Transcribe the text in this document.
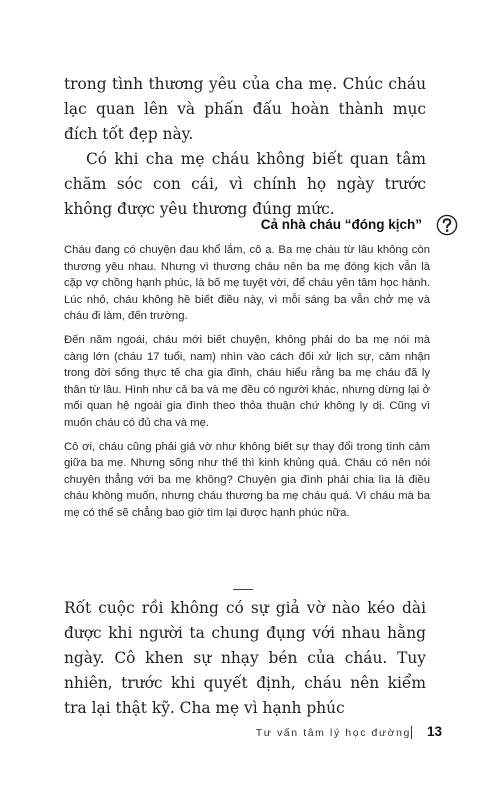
trong tình thương yêu của cha mẹ. Chúc cháu lạc quan lên và phấn đấu hoàn thành mục đích tốt đẹp này.

Có khi cha mẹ cháu không biết quan tâm chăm sóc con cái, vì chính họ ngày trước không được yêu thương đúng mức.

Cả nhà cháu “đóng kịch”

Cháu đang có chuyện đau khổ lắm, cô ạ. Ba mẹ cháu từ lâu không còn thương yêu nhau. Nhưng vì thương cháu nên ba mẹ đóng kịch vẫn là cặp vợ chồng hạnh phúc, là bố mẹ tuyệt vời, để cháu yên tâm học hành. Lúc nhỏ, cháu không hề biết điều này, vì mỗi sáng ba vẫn chở mẹ và cháu đi làm, đến trường.

Đến năm ngoái, cháu mới biết chuyện, không phải do ba mẹ nói mà càng lớn (cháu 17 tuổi, nam) nhìn vào cách đối xử lịch sự, cảm nhận trong đời sống thực tế cha gia đình, cháu hiểu rằng ba mẹ cháu đã ly thân từ lâu. Hình như cả ba và mẹ đều có người khác, nhưng dừng lại ở mối quan hệ ngoài gia đình theo thỏa thuận chứ không ly dị. Cũng vì muốn cháu có đủ cha và mẹ.

Cô ơi, cháu cũng phải giả vờ như không biết sự thay đổi trong tình cảm giữa ba mẹ. Nhưng sống như thế thì kinh khủng quá. Cháu có nên nói chuyện thẳng với ba mẹ không? Chuyện gia đình phải chia lìa là điều cháu không muốn, nhưng cháu thương ba mẹ cháu quá. Vì cháu mà ba mẹ có thể sẽ chẳng bao giờ tìm lại được hạnh phúc nữa.

Rốt cuộc rồi không có sự giả vờ nào kéo dài được khi người ta chung đụng với nhau hằng ngày. Cô khen sự nhạy bén của cháu. Tuy nhiên, trước khi quyết định, cháu nên kiểm tra lại thật kỹ. Cha mẹ vì hạnh phúc

Tư vấn tâm lý học đường 13
